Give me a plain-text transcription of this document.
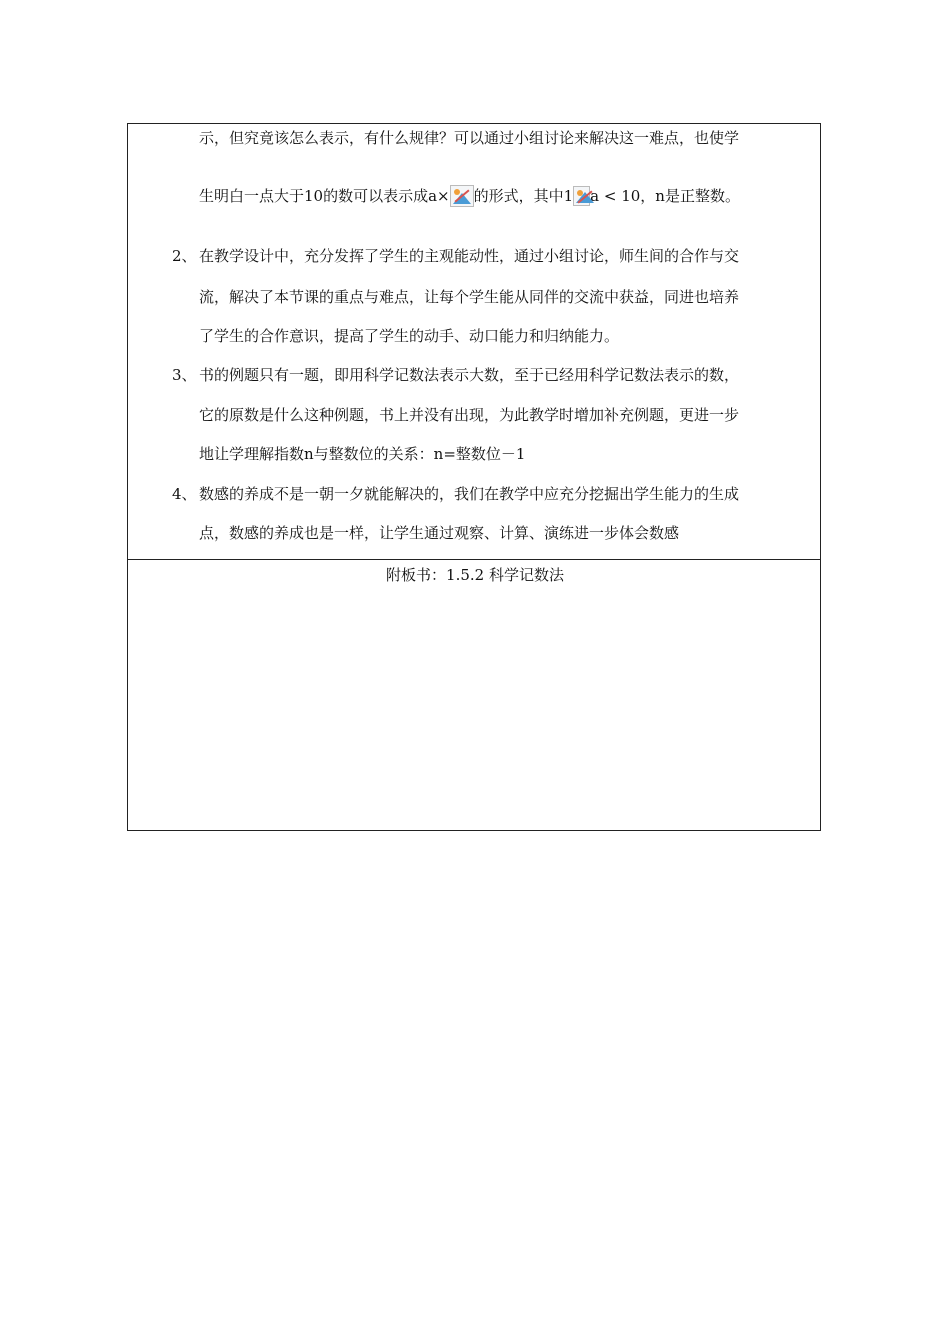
示，但究竟该怎么表示，有什么规律？可以通过小组讨论来解决这一难点，也使学
生明白一点大于10的数可以表示成a× 的形式，其中1 a < 10，n是正整数。
2、 在教学设计中，充分发挥了学生的主观能动性，通过小组讨论，师生间的合作与交
流，解决了本节课的重点与难点，让每个学生能从同伴的交流中获益，同进也培养
了学生的合作意识，提高了学生的动手、动口能力和归纳能力。
3、 书的例题只有一题，即用科学记数法表示大数，至于已经用科学记数法表示的数，
它的原数是什么这种例题，书上并没有出现，为此教学时增加补充例题，更进一步
地让学理解指数n与整数位的关系：n=整数位－1
4、 数感的养成不是一朝一夕就能解决的，我们在教学中应充分挖掘出学生能力的生成
点，数感的养成也是一样，让学生通过观察、计算、演练进一步体会数感
附板书：1.5.2 科学记数法
